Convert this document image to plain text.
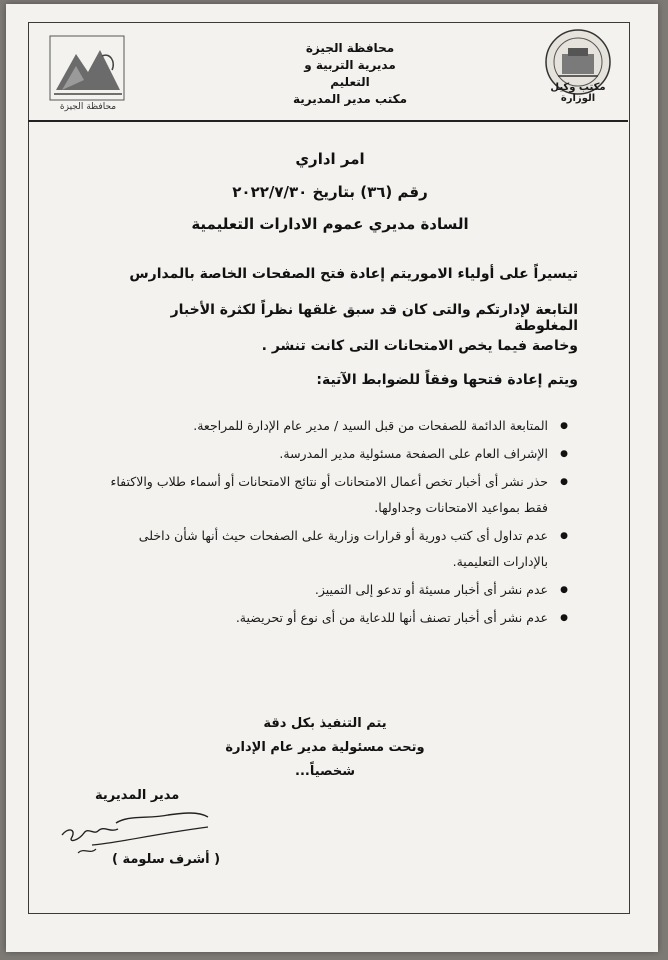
محافظة الجيزة
مكتب وكيل الوزارة
محافظة الجيزة
مديرية التربية و التعليم
مكتب مدير المديرية
امر اداري
رقم (٣٦) بتاريخ ٢٠٢٢/٧/٣٠
السادة مديري عموم الادارات التعليمية
تيسيراً على أولياء الاموريتم إعادة فتح الصفحات الخاصة بالمدارس
التابعة لإدارتكم والتى كان قد سبق غلقها نظراً لكثرة الأخبار المغلوطة
وخاصة فيما يخص الامتحانات التى كانت تنشر .
ويتم إعادة فتحها وفقاً للضوابط الآتية:
● المتابعة الدائمة للصفحات من قبل السيد / مدير عام الإدارة للمراجعة.
● الإشراف العام على الصفحة مسئولية مدير المدرسة.
● حذر نشر أى أخبار تخص أعمال الامتحانات أو نتائج الامتحانات أو أسماء طلاب والاكتفاء فقط بمواعيد الامتحانات وجداولها.
● عدم تداول أى كتب دورية أو قرارات وزارية على الصفحات حيث أنها شأن داخلى بالإدارات التعليمية.
● عدم نشر أى أخبار مسيئة أو تدعو إلى التمييز.
● عدم نشر أى أخبار تصنف أنها للدعاية من أى نوع أو تحريضية.
يتم التنفيذ بكل دقة
وتحت مسئولية مدير عام الإدارة شخصياً...
مدير المديرية
( أشرف سلومة )
